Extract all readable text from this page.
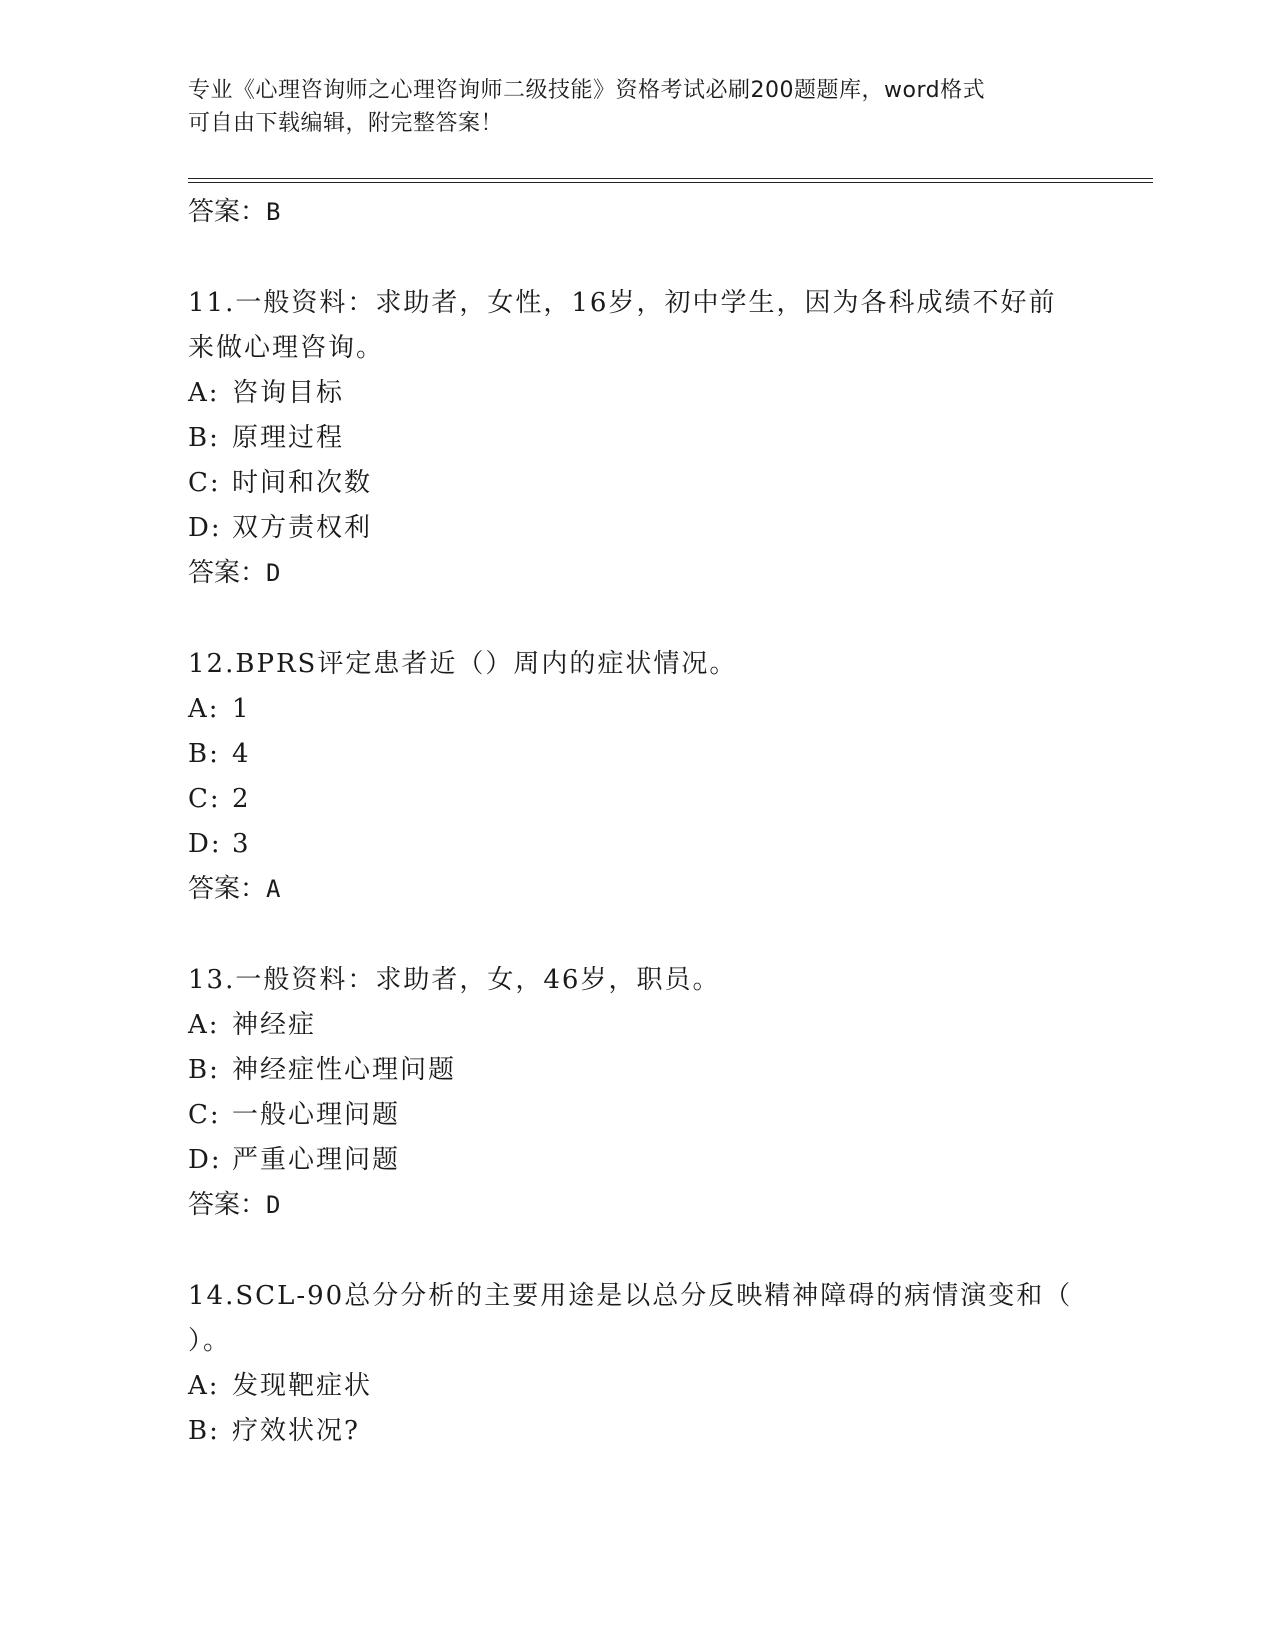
专业《心理咨询师之心理咨询师二级技能》资格考试必刷200题题库，word格式
可自由下载编辑，附完整答案！
答案：B
11.一般资料：求助者，女性，16岁，初中学生，因为各科成绩不好前
来做心理咨询。
A: 咨询目标
B: 原理过程
C: 时间和次数
D: 双方责权利
答案：D
12.BPRS评定患者近（）周内的症状情况。
A: 1
B: 4
C: 2
D: 3
答案：A
13.一般资料：求助者，女，46岁，职员。
A: 神经症
B: 神经症性心理问题
C: 一般心理问题
D: 严重心理问题
答案：D
14.SCL-90总分分析的主要用途是以总分反映精神障碍的病情演变和（
）。
A: 发现靶症状
B: 疗效状况?
